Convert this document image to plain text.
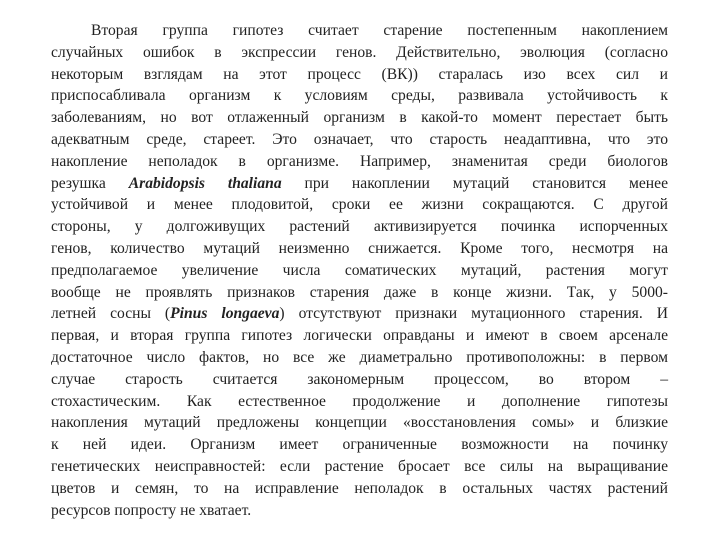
Вторая группа гипотез считает старение постепенным накоплением
случайных ошибок в экспрессии генов. Действительно, эволюция (согласно
некоторым взглядам на этот процесс (ВК)) старалась изо всех сил и
приспосабливала организм к условиям среды, развивала устойчивость к
заболеваниям, но вот отлаженный организм в какой-то момент перестает быть
адекватным среде, стареет. Это означает, что старость неадаптивна, что это
накопление неполадок в организме. Например, знаменитая среди биологов
резушка Arabidopsis thaliana при накоплении мутаций становится менее
устойчивой и менее плодовитой, сроки ее жизни сокращаются. С другой
стороны, у долгоживущих растений активизируется починка испорченных
генов, количество мутаций неизменно снижается. Кроме того, несмотря на
предполагаемое увеличение числа соматических мутаций, растения могут
вообще не проявлять признаков старения даже в конце жизни. Так, у 5000-
летней сосны (Pinus longaeva) отсутствуют признаки мутационного старения. И
первая, и вторая группа гипотез логически оправданы и имеют в своем арсенале
достаточное число фактов, но все же диаметрально противоположны: в первом
случае старость считается закономерным процессом, во втором –
стохастическим. Как естественное продолжение и дополнение гипотезы
накопления мутаций предложены концепции «восстановления сомы» и близкие
к ней идеи. Организм имеет ограниченные возможности на починку
генетических неисправностей: если растение бросает все силы на выращивание
цветов и семян, то на исправление неполадок в остальных частях растений
ресурсов попросту не хватает.
